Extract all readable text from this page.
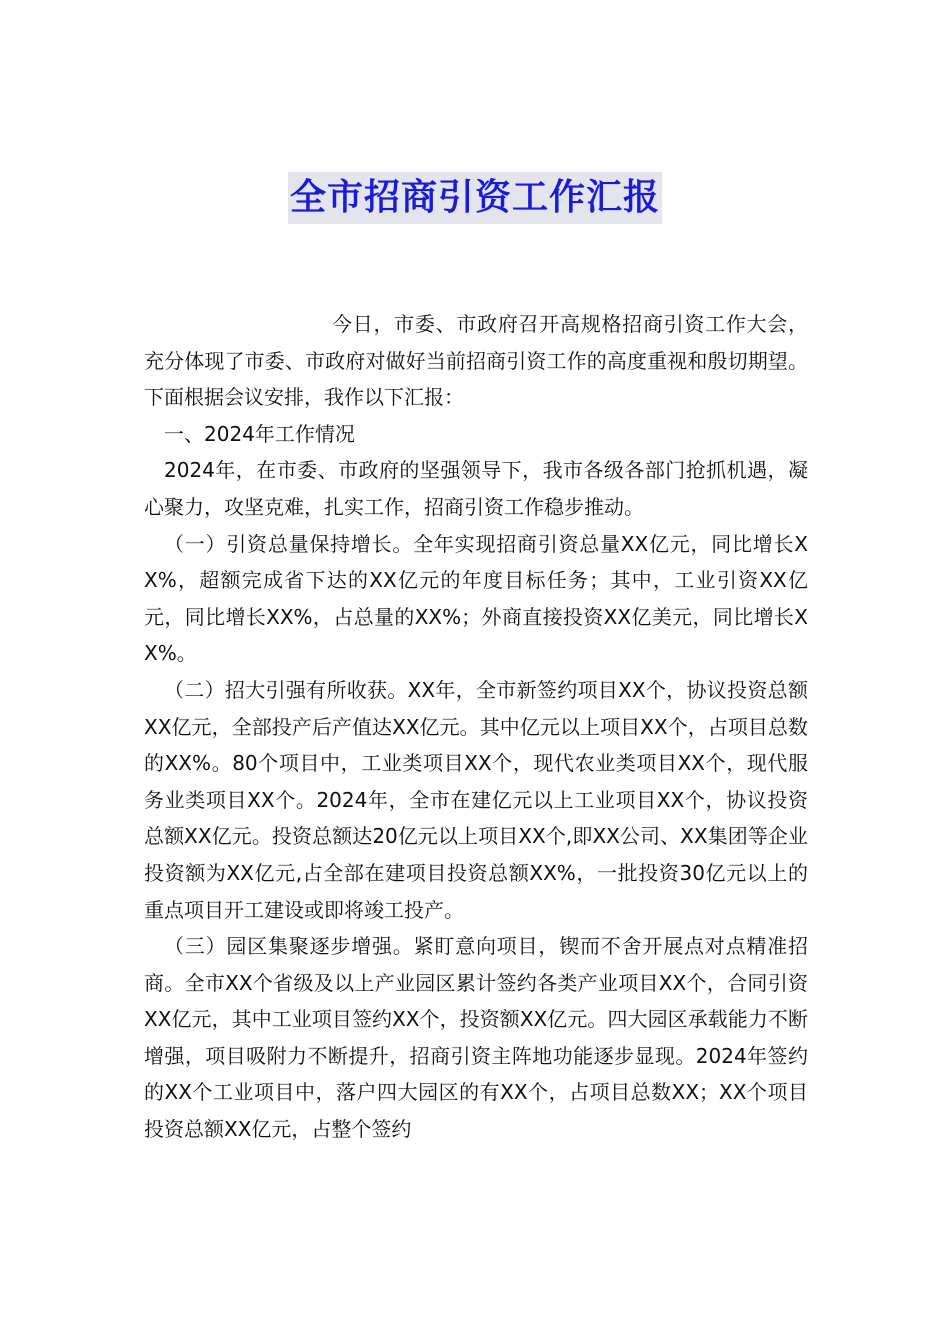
全市招商引资工作汇报

今日，市委、市政府召开高规格招商引资工作大会，充分体现了市委、市政府对做好当前招商引资工作的高度重视和殷切期望。下面根据会议安排，我作以下汇报：

一、2024年工作情况

2024年，在市委、市政府的坚强领导下，我市各级各部门抢抓机遇，凝心聚力，攻坚克难，扎实工作，招商引资工作稳步推动。

（一）引资总量保持增长。全年实现招商引资总量XX亿元，同比增长XX%，超额完成省下达的XX亿元的年度目标任务；其中，工业引资XX亿元，同比增长XX%，占总量的XX%；外商直接投资XX亿美元，同比增长XX%。

（二）招大引强有所收获。XX年，全市新签约项目XX个，协议投资总额XX亿元，全部投产后产值达XX亿元。其中亿元以上项目XX个，占项目总数的XX%。80个项目中，工业类项目XX个，现代农业类项目XX个，现代服务业类项目XX个。2024年，全市在建亿元以上工业项目XX个，协议投资总额XX亿元。投资总额达20亿元以上项目XX个,即XX公司、XX集团等企业投资额为XX亿元,占全部在建项目投资总额XX%，一批投资30亿元以上的重点项目开工建设或即将竣工投产。

（三）园区集聚逐步增强。紧盯意向项目，锲而不舍开展点对点精准招商。全市XX个省级及以上产业园区累计签约各类产业项目XX个，合同引资XX亿元，其中工业项目签约XX个，投资额XX亿元。四大园区承载能力不断增强，项目吸附力不断提升，招商引资主阵地功能逐步显现。2024年签约的XX个工业项目中，落户四大园区的有XX个，占项目总数XX；XX个项目投资总额XX亿元，占整个签约
